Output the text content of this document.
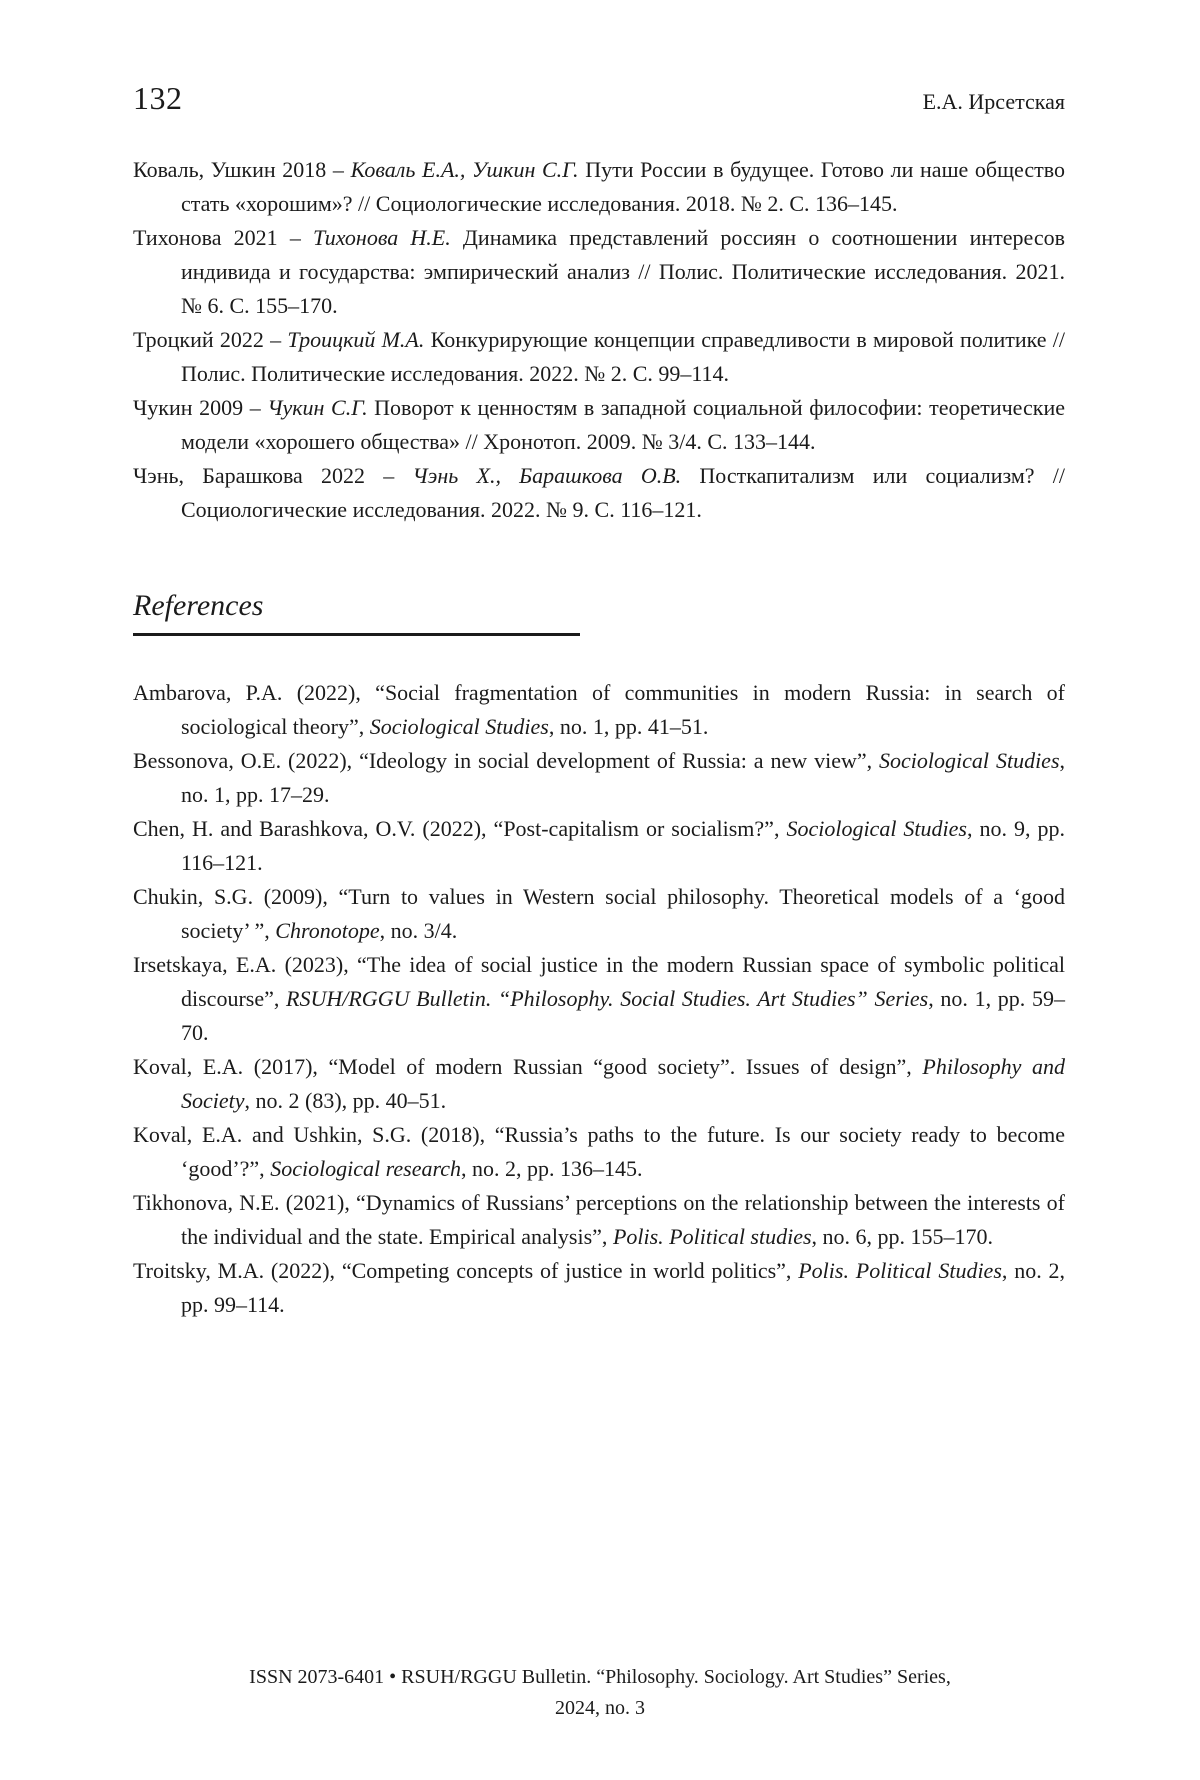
132	Е.А. Ирсетская

Коваль, Ушкин 2018 – Коваль Е.А., Ушкин С.Г. Пути России в будущее. Готово ли наше общество стать «хорошим»? // Социологические исследования. 2018. № 2. С. 136–145.

Тихонова 2021 – Тихонова Н.Е. Динамика представлений россиян о соотношении интересов индивида и государства: эмпирический анализ // Полис. Политические исследования. 2021. № 6. С. 155–170.

Троцкий 2022 – Троицкий М.А. Конкурирующие концепции справедливости в мировой политике // Полис. Политические исследования. 2022. № 2. С. 99–114.

Чукин 2009 – Чукин С.Г. Поворот к ценностям в западной социальной философии: теоретические модели «хорошего общества» // Хронотоп. 2009. № 3/4. С. 133–144.

Чэнь, Барашкова 2022 – Чэнь Х., Барашкова О.В. Посткапитализм или социализм? // Социологические исследования. 2022. № 9. С. 116–121.

References

Ambarova, P.A. (2022), “Social fragmentation of communities in modern Russia: in search of sociological theory”, Sociological Studies, no. 1, pp. 41–51.

Bessonova, O.E. (2022), “Ideology in social development of Russia: a new view”, Sociological Studies, no. 1, pp. 17–29.

Chen, H. and Barashkova, O.V. (2022), “Post-capitalism or socialism?”, Sociological Studies, no. 9, pp. 116–121.

Chukin, S.G. (2009), “Turn to values in Western social philosophy. Theoretical models of a ‘good society’ ”, Chronotope, no. 3/4.

Irsetskaya, E.A. (2023), “The idea of social justice in the modern Russian space of symbolic political discourse”, RSUH/RGGU Bulletin. “Philosophy. Social Studies. Art Studies” Series, no. 1, pp. 59–70.

Koval, E.A. (2017), “Model of modern Russian “good society”. Issues of design”, Philosophy and Society, no. 2 (83), pp. 40–51.

Koval, E.A. and Ushkin, S.G. (2018), “Russia’s paths to the future. Is our society ready to become ‘good’?”, Sociological research, no. 2, pp. 136–145.

Tikhonova, N.E. (2021), “Dynamics of Russians’ perceptions on the relationship between the interests of the individual and the state. Empirical analysis”, Polis. Political studies, no. 6, pp. 155–170.

Troitsky, M.A. (2022), “Competing concepts of justice in world politics”, Polis. Political Studies, no. 2, pp. 99–114.

ISSN 2073-6401 • RSUH/RGGU Bulletin. “Philosophy. Sociology. Art Studies” Series,
2024, no. 3
